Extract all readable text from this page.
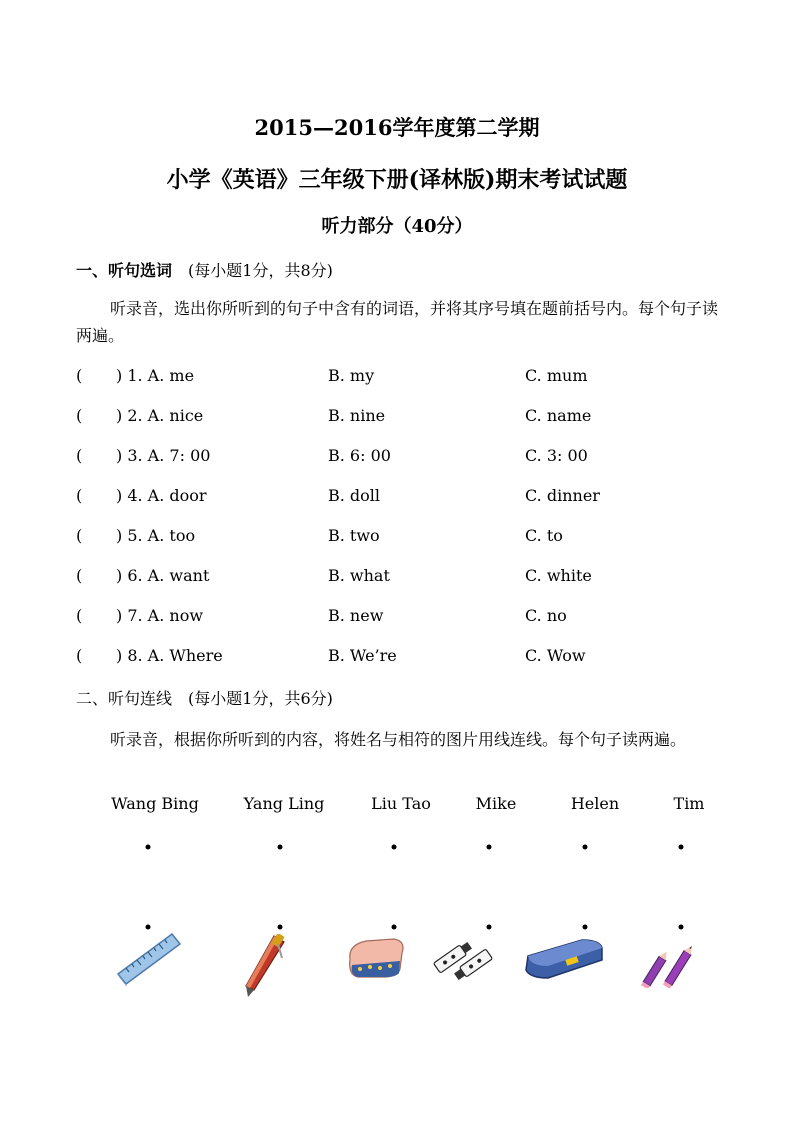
2015—2016学年度第二学期
小学《英语》三年级下册(译林版)期末考试试题
听力部分（40分）
一、听句选词 (每小题1分，共8分)
听录音，选出你所听到的句子中含有的词语，并将其序号填在题前括号内。每个句子读两遍。
( ) 1. A. me	B. my	C. mum
( ) 2. A. nice	B. nine	C. name
( ) 3. A. 7: 00	B. 6: 00	C. 3: 00
( ) 4. A. door	B. doll	C. dinner
( ) 5. A. too	B. two	C. to
( ) 6. A. want	B. what	C. white
( ) 7. A. now	B. new	C. no
( ) 8. A. Where	B. We’re	C. Wow
二、听句连线 (每小题1分，共6分)
听录音，根据你所听到的内容，将姓名与相符的图片用线连线。每个句子读两遍。
Wang Bing	Yang Ling	Liu Tao	Mike	Helen	Tim
